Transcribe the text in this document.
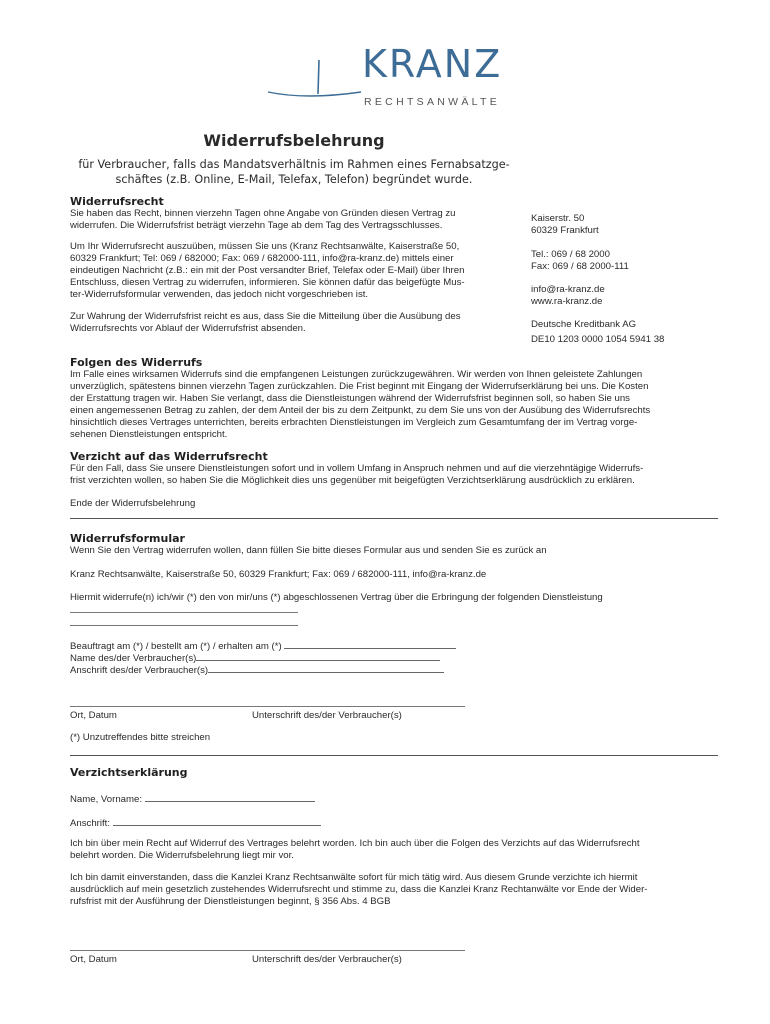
KRANZ
RECHTSANWÄLTE
Widerrufsbelehrung
für Verbraucher, falls das Mandatsverhältnis im Rahmen eines Fernabsatzge-
schäftes (z.B. Online, E-Mail, Telefax, Telefon) begründet wurde.
Widerrufsrecht
Sie haben das Recht, binnen vierzehn Tagen ohne Angabe von Gründen diesen Vertrag zu
widerrufen. Die Widerrufsfrist beträgt vierzehn Tage ab dem Tag des Vertragsschlusses.
Um Ihr Widerrufsrecht auszuüben, müssen Sie uns (Kranz Rechtsanwälte, Kaiserstraße 50,
60329 Frankfurt; Tel: 069 / 682000; Fax: 069 / 682000-111, info@ra-kranz.de) mittels einer
eindeutigen Nachricht (z.B.: ein mit der Post versandter Brief, Telefax oder E-Mail) über Ihren
Entschluss, diesen Vertrag zu widerrufen, informieren. Sie können dafür das beigefügte Mus-
ter-Widerrufsformular verwenden, das jedoch nicht vorgeschrieben ist.
Zur Wahrung der Widerrufsfrist reicht es aus, dass Sie die Mitteilung über die Ausübung des
Widerrufsrechts vor Ablauf der Widerrufsfrist absenden.
Kaiserstr. 50
60329 Frankfurt
Tel.: 069 / 68 2000
Fax: 069 / 68 2000-111
info@ra-kranz.de
www.ra-kranz.de
Deutsche Kreditbank AG
DE10 1203 0000 1054 5941 38
Folgen des Widerrufs
Im Falle eines wirksamen Widerrufs sind die empfangenen Leistungen zurückzugewähren. Wir werden von Ihnen geleistete Zahlungen
unverzüglich, spätestens binnen vierzehn Tagen zurückzahlen. Die Frist beginnt mit Eingang der Widerrufserklärung bei uns. Die Kosten
der Erstattung tragen wir. Haben Sie verlangt, dass die Dienstleistungen während der Widerrufsfrist beginnen soll, so haben Sie uns
einen angemessenen Betrag zu zahlen, der dem Anteil der bis zu dem Zeitpunkt, zu dem Sie uns von der Ausübung des Widerrufsrechts
hinsichtlich dieses Vertrages unterrichten, bereits erbrachten Dienstleistungen im Vergleich zum Gesamtumfang der im Vertrag vorge-
sehenen Dienstleistungen entspricht.
Verzicht auf das Widerrufsrecht
Für den Fall, dass Sie unsere Dienstleistungen sofort und in vollem Umfang in Anspruch nehmen und auf die vierzehntägige Widerrufs-
frist verzichten wollen, so haben Sie die Möglichkeit dies uns gegenüber mit beigefügten Verzichtserklärung ausdrücklich zu erklären.
Ende der Widerrufsbelehrung
Widerrufsformular
Wenn Sie den Vertrag widerrufen wollen, dann füllen Sie bitte dieses Formular aus und senden Sie es zurück an
Kranz Rechtsanwälte, Kaiserstraße 50, 60329 Frankfurt; Fax: 069 / 682000-111, info@ra-kranz.de
Hiermit widerrufe(n) ich/wir (*) den von mir/uns (*) abgeschlossenen Vertrag über die Erbringung der folgenden Dienstleistung
Beauftragt am (*) / bestellt am (*) / erhalten am (*)
Name des/der Verbraucher(s)
Anschrift des/der Verbraucher(s)
Ort, Datum	Unterschrift des/der Verbraucher(s)
(*) Unzutreffendes bitte streichen
Verzichtserklärung
Name, Vorname:
Anschrift:
Ich bin über mein Recht auf Widerruf des Vertrages belehrt worden. Ich bin auch über die Folgen des Verzichts auf das Widerrufsrecht
belehrt worden. Die Widerrufsbelehrung liegt mir vor.
Ich bin damit einverstanden, dass die Kanzlei Kranz Rechtsanwälte sofort für mich tätig wird. Aus diesem Grunde verzichte ich hiermit
ausdrücklich auf mein gesetzlich zustehendes Widerrufsrecht und stimme zu, dass die Kanzlei Kranz Rechtanwälte vor Ende der Wider-
rufsfrist mit der Ausführung der Dienstleistungen beginnt, § 356 Abs. 4 BGB
Ort, Datum	Unterschrift des/der Verbraucher(s)
